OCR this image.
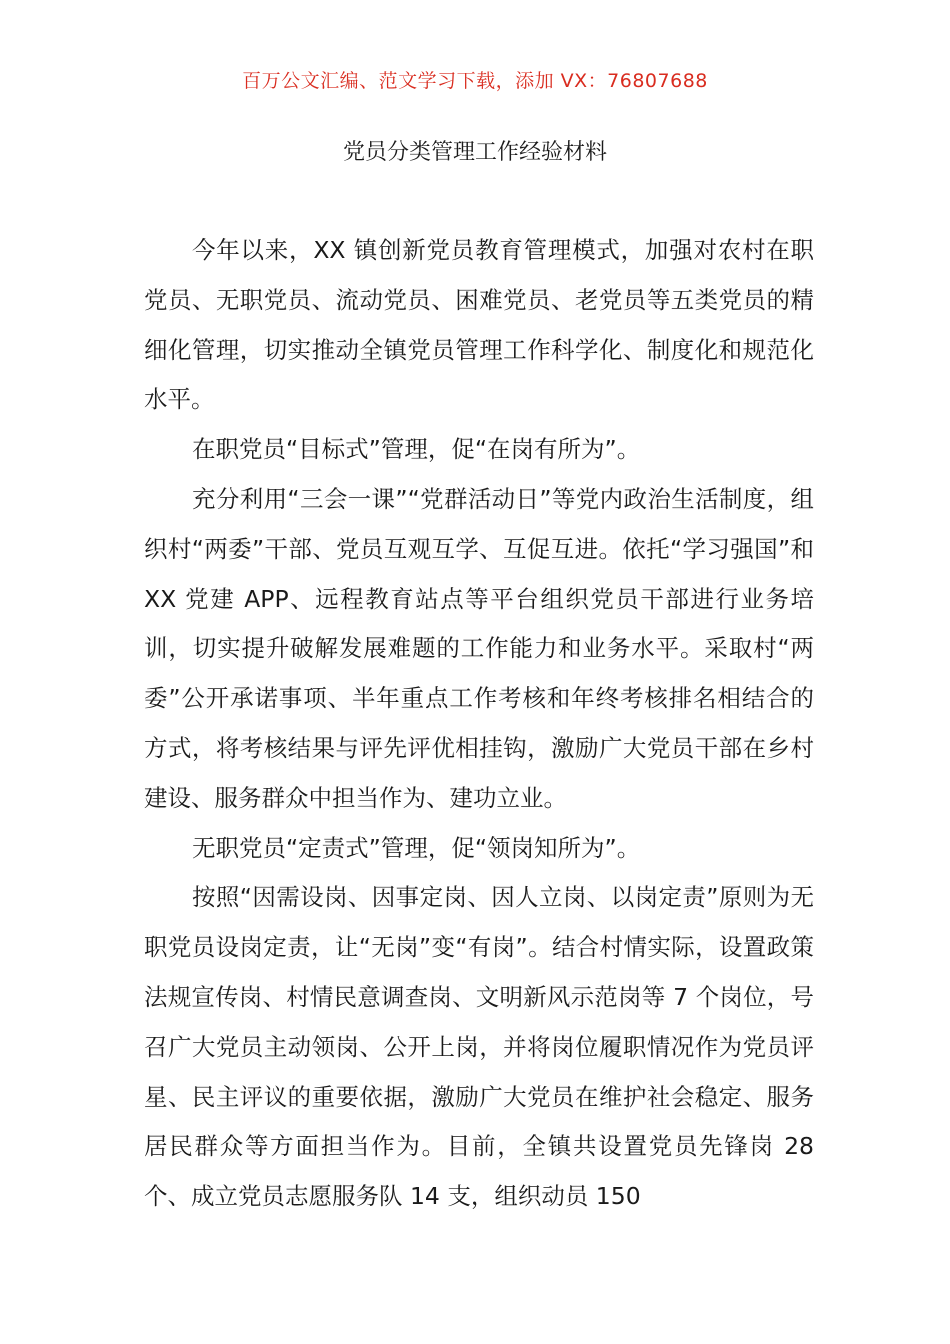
百万公文汇编、范文学习下载，添加 VX：76807688
党员分类管理工作经验材料

今年以来，XX 镇创新党员教育管理模式，加强对农村在职党员、无职党员、流动党员、困难党员、老党员等五类党员的精细化管理，切实推动全镇党员管理工作科学化、制度化和规范化水平。

在职党员“目标式”管理，促“在岗有所为”。

充分利用“三会一课”“党群活动日”等党内政治生活制度，组织村“两委”干部、党员互观互学、互促互进。依托“学习强国”和 XX 党建 APP、远程教育站点等平台组织党员干部进行业务培训，切实提升破解发展难题的工作能力和业务水平。采取村“两委”公开承诺事项、半年重点工作考核和年终考核排名相结合的方式，将考核结果与评先评优相挂钩，激励广大党员干部在乡村建设、服务群众中担当作为、建功立业。

无职党员“定责式”管理，促“领岗知所为”。

按照“因需设岗、因事定岗、因人立岗、以岗定责”原则为无职党员设岗定责，让“无岗”变“有岗”。结合村情实际，设置政策法规宣传岗、村情民意调查岗、文明新风示范岗等 7 个岗位，号召广大党员主动领岗、公开上岗，并将岗位履职情况作为党员评星、民主评议的重要依据，激励广大党员在维护社会稳定、服务居民群众等方面担当作为。目前，全镇共设置党员先锋岗 28 个、成立党员志愿服务队 14 支，组织动员 150
